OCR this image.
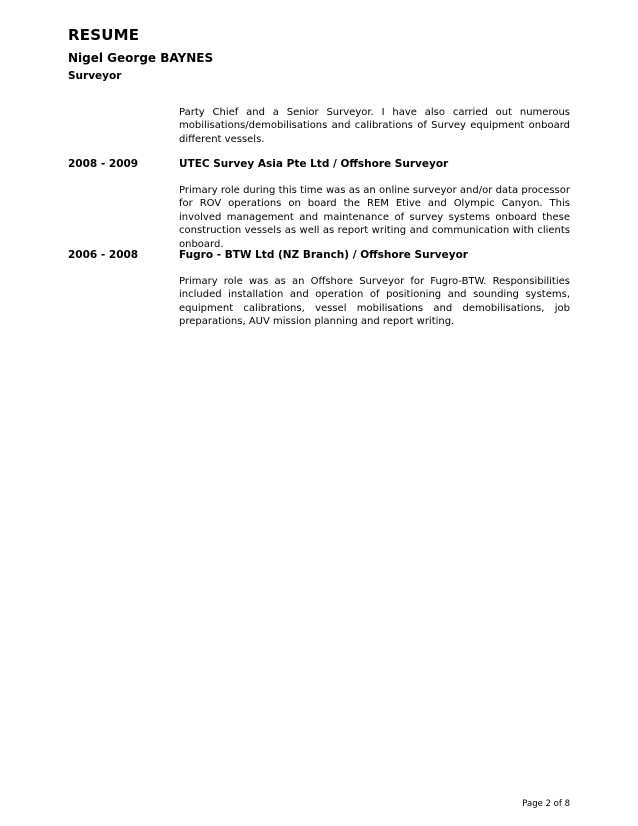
RESUME
Nigel George BAYNES
Surveyor
Party Chief and a Senior Surveyor. I have also carried out numerous mobilisations/demobilisations and calibrations of Survey equipment onboard different vessels.
2008 - 2009	UTEC Survey Asia Pte Ltd / Offshore Surveyor
Primary role during this time was as an online surveyor and/or data processor for ROV operations on board the REM Etive and Olympic Canyon. This involved management and maintenance of survey systems onboard these construction vessels as well as report writing and communication with clients onboard.
2006 - 2008	Fugro - BTW Ltd (NZ Branch) / Offshore Surveyor
Primary role was as an Offshore Surveyor for Fugro-BTW. Responsibilities included installation and operation of positioning and sounding systems, equipment calibrations, vessel mobilisations and demobilisations, job preparations, AUV mission planning and report writing.
Page 2 of 8
